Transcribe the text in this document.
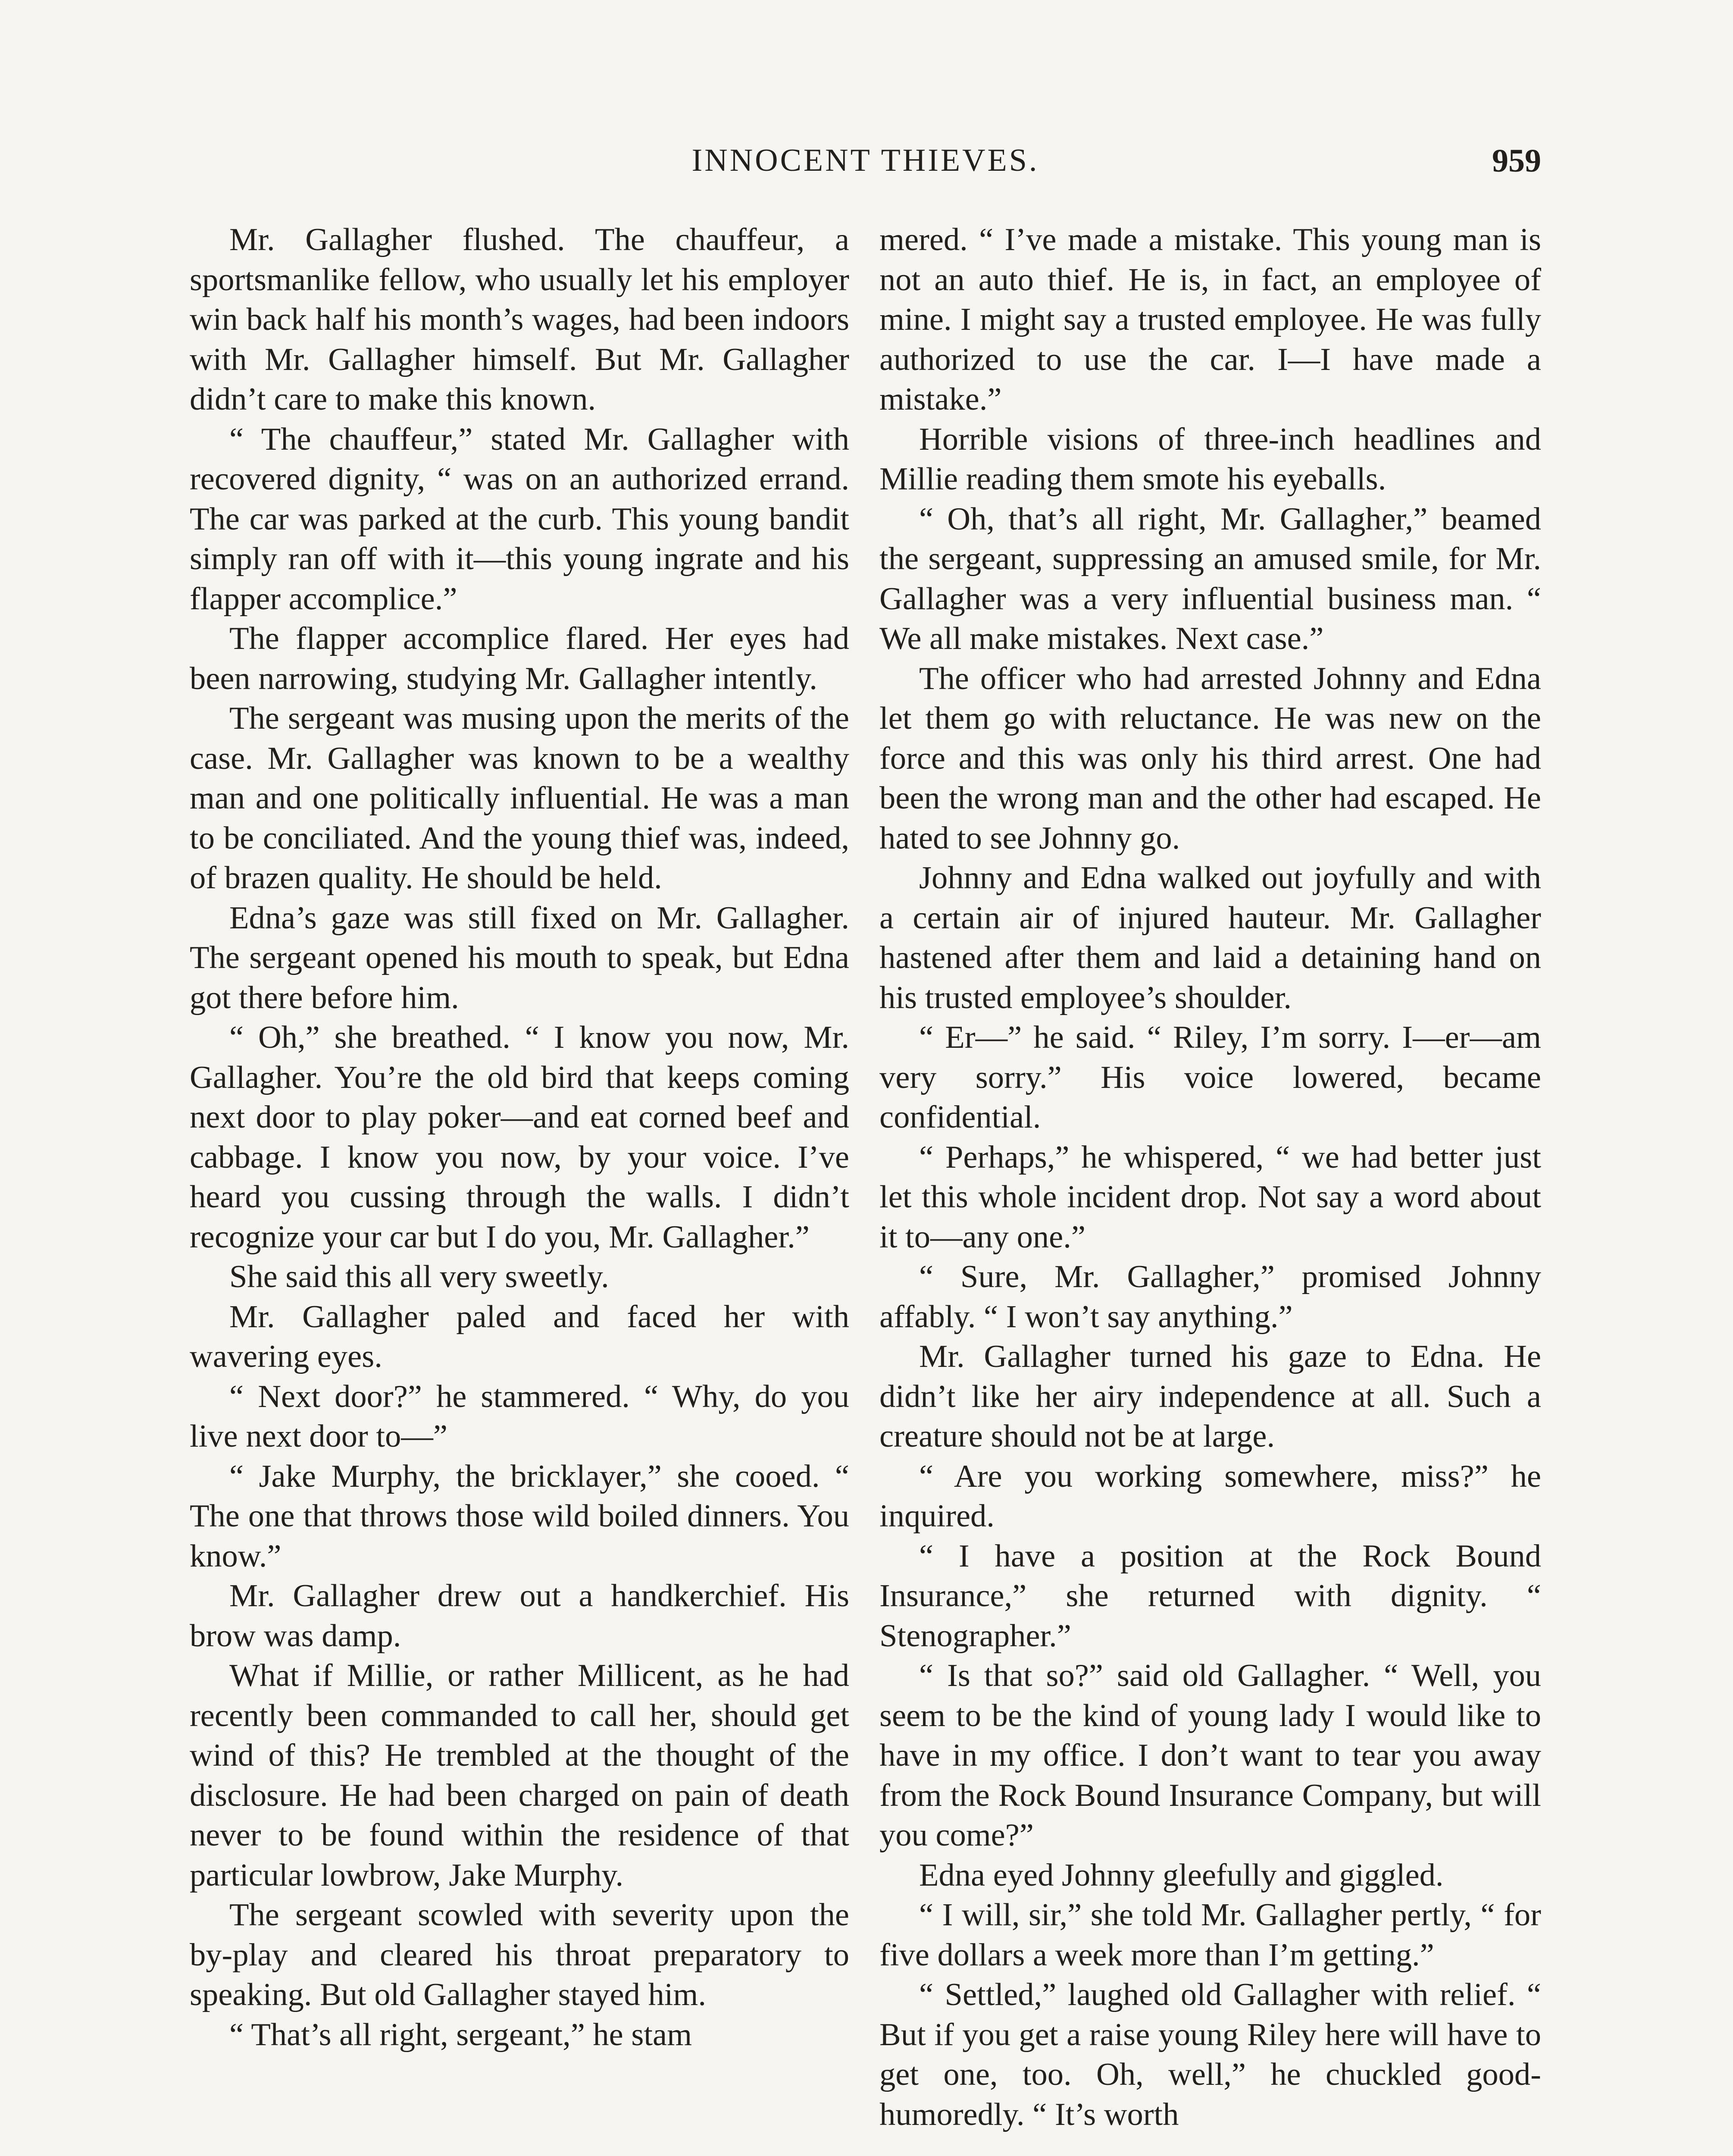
INNOCENT THIEVES.	959

Mr. Gallagher flushed. The chauffeur, a sportsmanlike fellow, who usually let his employer win back half his month’s wages, had been indoors with Mr. Gallagher himself. But Mr. Gallagher didn’t care to make this known.

“ The chauffeur,” stated Mr. Gallagher with recovered dignity, “ was on an authorized errand. The car was parked at the curb. This young bandit simply ran off with it—this young ingrate and his flapper accomplice.”

The flapper accomplice flared. Her eyes had been narrowing, studying Mr. Gallagher intently.

The sergeant was musing upon the merits of the case. Mr. Gallagher was known to be a wealthy man and one politically influential. He was a man to be conciliated. And the young thief was, indeed, of brazen quality. He should be held.

Edna’s gaze was still fixed on Mr. Gallagher. The sergeant opened his mouth to speak, but Edna got there before him.

“ Oh,” she breathed. “ I know you now, Mr. Gallagher. You’re the old bird that keeps coming next door to play poker—and eat corned beef and cabbage. I know you now, by your voice. I’ve heard you cussing through the walls. I didn’t recognize your car but I do you, Mr. Gallagher.”

She said this all very sweetly.

Mr. Gallagher paled and faced her with wavering eyes.

“ Next door?” he stammered. “ Why, do you live next door to—”

“ Jake Murphy, the bricklayer,” she cooed. “ The one that throws those wild boiled dinners. You know.”

Mr. Gallagher drew out a handkerchief. His brow was damp.

What if Millie, or rather Millicent, as he had recently been commanded to call her, should get wind of this? He trembled at the thought of the disclosure. He had been charged on pain of death never to be found within the residence of that particular lowbrow, Jake Murphy.

The sergeant scowled with severity upon the by-play and cleared his throat preparatory to speaking. But old Gallagher stayed him.

“ That’s all right, sergeant,” he stam

mered. “ I’ve made a mistake. This young man is not an auto thief. He is, in fact, an employee of mine. I might say a trusted employee. He was fully authorized to use the car. I—I have made a mistake.”

Horrible visions of three-inch headlines and Millie reading them smote his eyeballs.

“ Oh, that’s all right, Mr. Gallagher,” beamed the sergeant, suppressing an amused smile, for Mr. Gallagher was a very influential business man. “ We all make mistakes. Next case.”

The officer who had arrested Johnny and Edna let them go with reluctance. He was new on the force and this was only his third arrest. One had been the wrong man and the other had escaped. He hated to see Johnny go.

Johnny and Edna walked out joyfully and with a certain air of injured hauteur. Mr. Gallagher hastened after them and laid a detaining hand on his trusted employee’s shoulder.

“ Er—” he said. “ Riley, I’m sorry. I—er—am very sorry.” His voice lowered, became confidential.

“ Perhaps,” he whispered, “ we had better just let this whole incident drop. Not say a word about it to—any one.”

“ Sure, Mr. Gallagher,” promised Johnny affably. “ I won’t say anything.”

Mr. Gallagher turned his gaze to Edna. He didn’t like her airy independence at all. Such a creature should not be at large.

“ Are you working somewhere, miss?” he inquired.

“ I have a position at the Rock Bound Insurance,” she returned with dignity. “ Stenographer.”

“ Is that so?” said old Gallagher. “ Well, you seem to be the kind of young lady I would like to have in my office. I don’t want to tear you away from the Rock Bound Insurance Company, but will you come?”

Edna eyed Johnny gleefully and giggled.

“ I will, sir,” she told Mr. Gallagher pertly, “ for five dollars a week more than I’m getting.”

“ Settled,” laughed old Gallagher with relief. “ But if you get a raise young Riley here will have to get one, too. Oh, well,” he chuckled good-humoredly. “ It’s worth
